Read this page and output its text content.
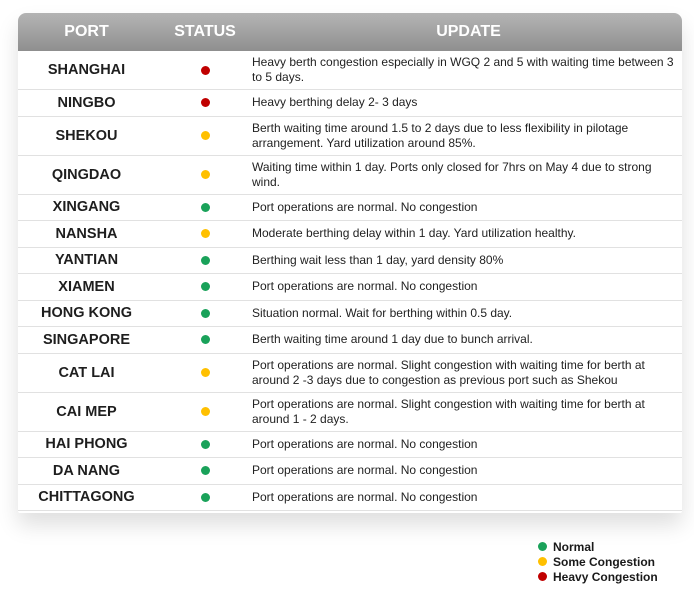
PORT	STATUS	UPDATE
SHANGHAI	Heavy berth congestion especially in WGQ 2 and 5 with waiting time between 3 to 5 days.
NINGBO	Heavy berthing delay 2- 3 days
SHEKOU	Berth waiting time around 1.5 to 2 days due to less flexibility in pilotage arrangement. Yard utilization around 85%.
QINGDAO	Waiting time within 1 day. Ports only closed for 7hrs on May 4 due to strong wind.
XINGANG	Port operations are normal. No congestion
NANSHA	Moderate berthing delay within 1 day. Yard utilization healthy.
YANTIAN	Berthing wait less than 1 day, yard density 80%
XIAMEN	Port operations are normal. No congestion
HONG KONG	Situation normal. Wait for berthing within 0.5 day.
SINGAPORE	Berth waiting time around 1 day due to bunch arrival.
CAT LAI	Port operations are normal. Slight congestion with waiting time for berth at around 2 -3 days due to congestion as previous port such as Shekou
CAI MEP	Port operations are normal. Slight congestion with waiting time for berth at around 1 - 2 days.
HAI PHONG	Port operations are normal. No congestion
DA NANG	Port operations are normal. No congestion
CHITTAGONG	Port operations are normal. No congestion
Normal
Some Congestion
Heavy Congestion
